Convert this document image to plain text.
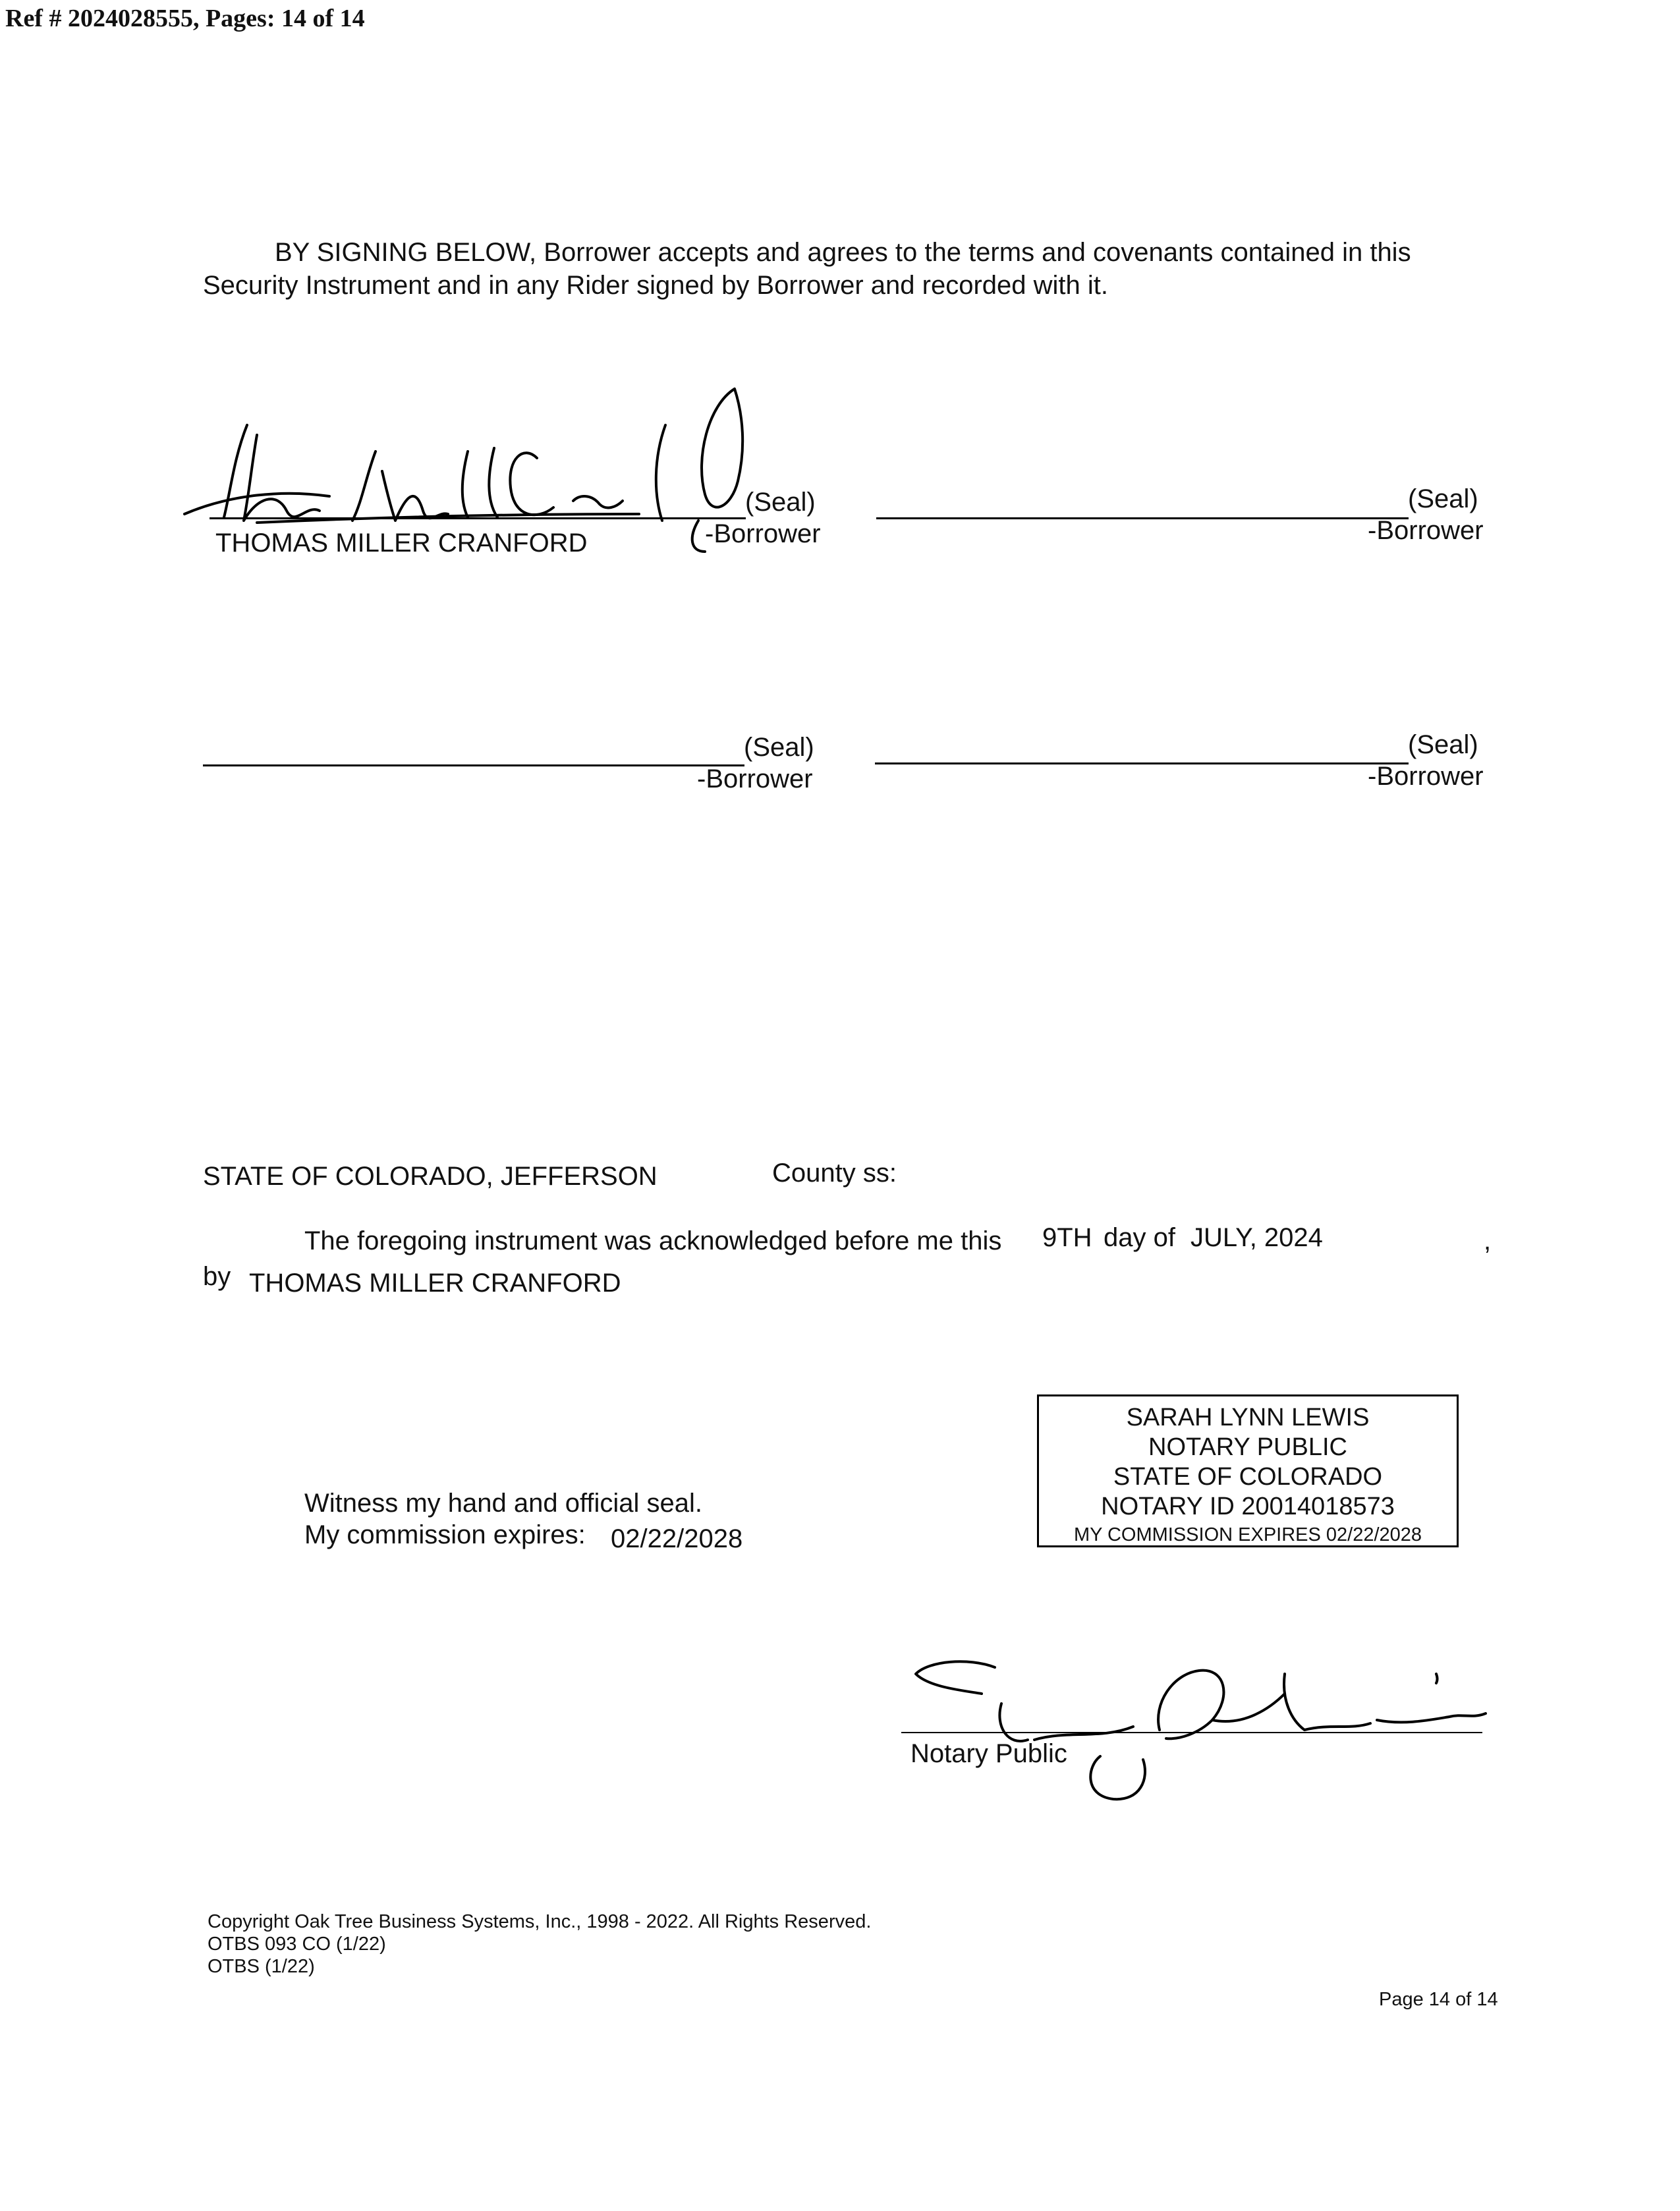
Ref # 2024028555, Pages: 14 of 14
BY SIGNING BELOW, Borrower accepts and agrees to the terms and covenants contained in this
Security Instrument and in any Rider signed by Borrower and recorded with it.
(Seal)
-Borrower
THOMAS MILLER CRANFORD
(Seal)
-Borrower
(Seal)
-Borrower
(Seal)
-Borrower
STATE OF COLORADO, JEFFERSON	County ss:
The foregoing instrument was acknowledged before me this 9TH day of JULY, 2024	,
by THOMAS MILLER CRANFORD
Witness my hand and official seal.
My commission expires: 02/22/2028
SARAH LYNN LEWIS
NOTARY PUBLIC
STATE OF COLORADO
NOTARY ID 20014018573
MY COMMISSION EXPIRES 02/22/2028
Notary Public
Copyright Oak Tree Business Systems, Inc., 1998 - 2022. All Rights Reserved.
OTBS 093 CO (1/22)
OTBS (1/22)
Page 14 of 14
